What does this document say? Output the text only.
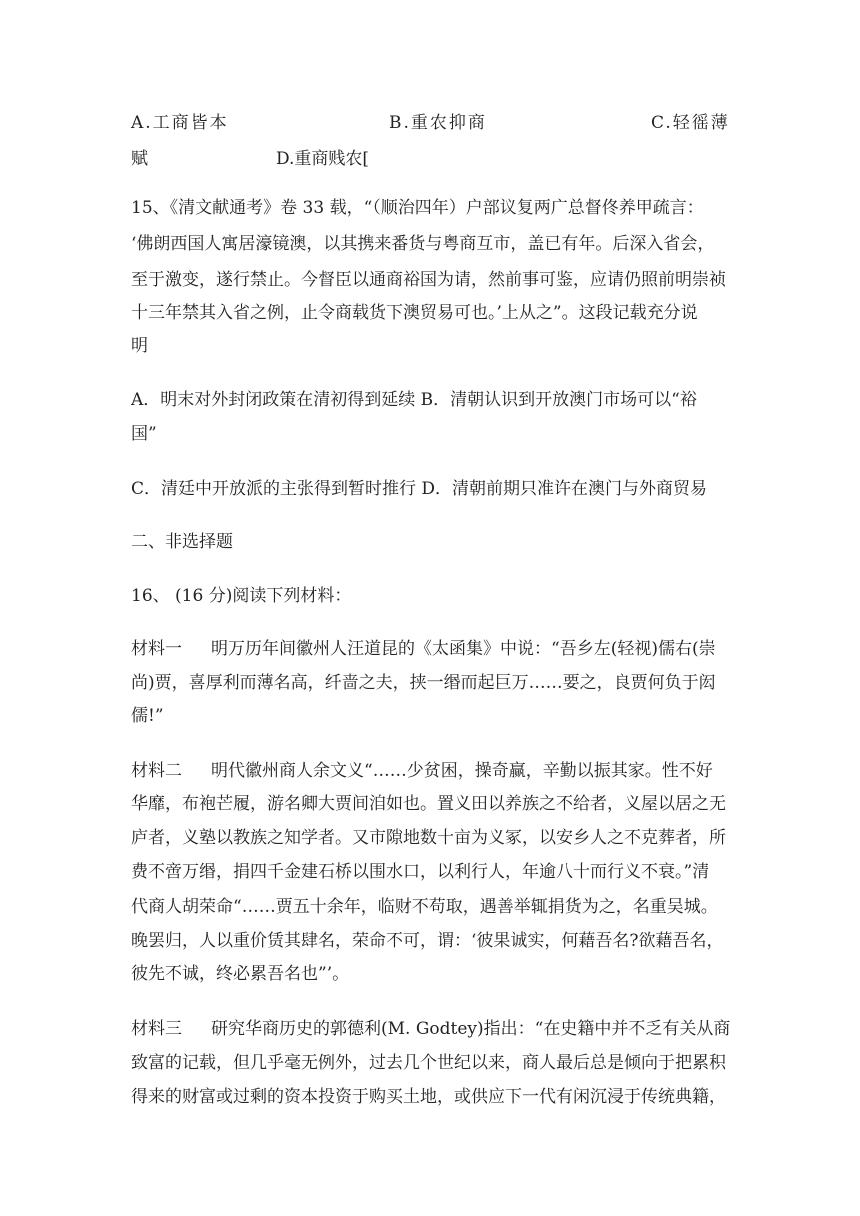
A.工商皆本	B.重农抑商	C.轻徭薄
赋	D.重商贱农[
15、《清文献通考》卷 33 载，“（顺治四年）户部议复两广总督佟养甲疏言：
‘佛朗西国人寓居濠镜澳，以其携来番货与粤商互市，盖已有年。后深入省会，
至于激变，遂行禁止。今督臣以通商裕国为请，然前事可鉴，应请仍照前明崇祯
十三年禁其入省之例，止令商载货下澳贸易可也。’上从之”。这段记载充分说
明
A．明末对外封闭政策在清初得到延续 B．清朝认识到开放澳门市场可以“裕
国”
C．清廷中开放派的主张得到暂时推行 D．清朝前期只准许在澳门与外商贸易
二、非选择题
16、 (16 分)阅读下列材料：
材料一 明万历年间徽州人汪道昆的《太函集》中说：“吾乡左(轻视)儒右(崇
尚)贾，喜厚利而薄名高，纤啬之夫，挟一缗而起巨万……要之，良贾何负于闳
儒!”
材料二 明代徽州商人余文义“……少贫困，操奇赢，辛勤以振其家。性不好
华靡，布袍芒履，游名卿大贾间洎如也。置义田以养族之不给者，义屋以居之无
庐者，义塾以教族之知学者。又市隙地数十亩为义冢，以安乡人之不克葬者，所
费不啻万缗，捐四千金建石桥以围水口，以利行人，年逾八十而行义不衰。”清
代商人胡荣命“……贾五十余年，临财不苟取，遇善举辄捐货为之，名重吴城。
晚罢归，人以重价赁其肆名，荣命不可，谓：‘彼果诚实，何藉吾名?欲藉吾名，
彼先不诚，终必累吾名也”’。
材料三 研究华商历史的郭德利(M. Godtey)指出：“在史籍中并不乏有关从商
致富的记载，但几乎毫无例外，过去几个世纪以来，商人最后总是倾向于把累积
得来的财富或过剩的资本投资于购买土地，或供应下一代有闲沉浸于传统典籍，
